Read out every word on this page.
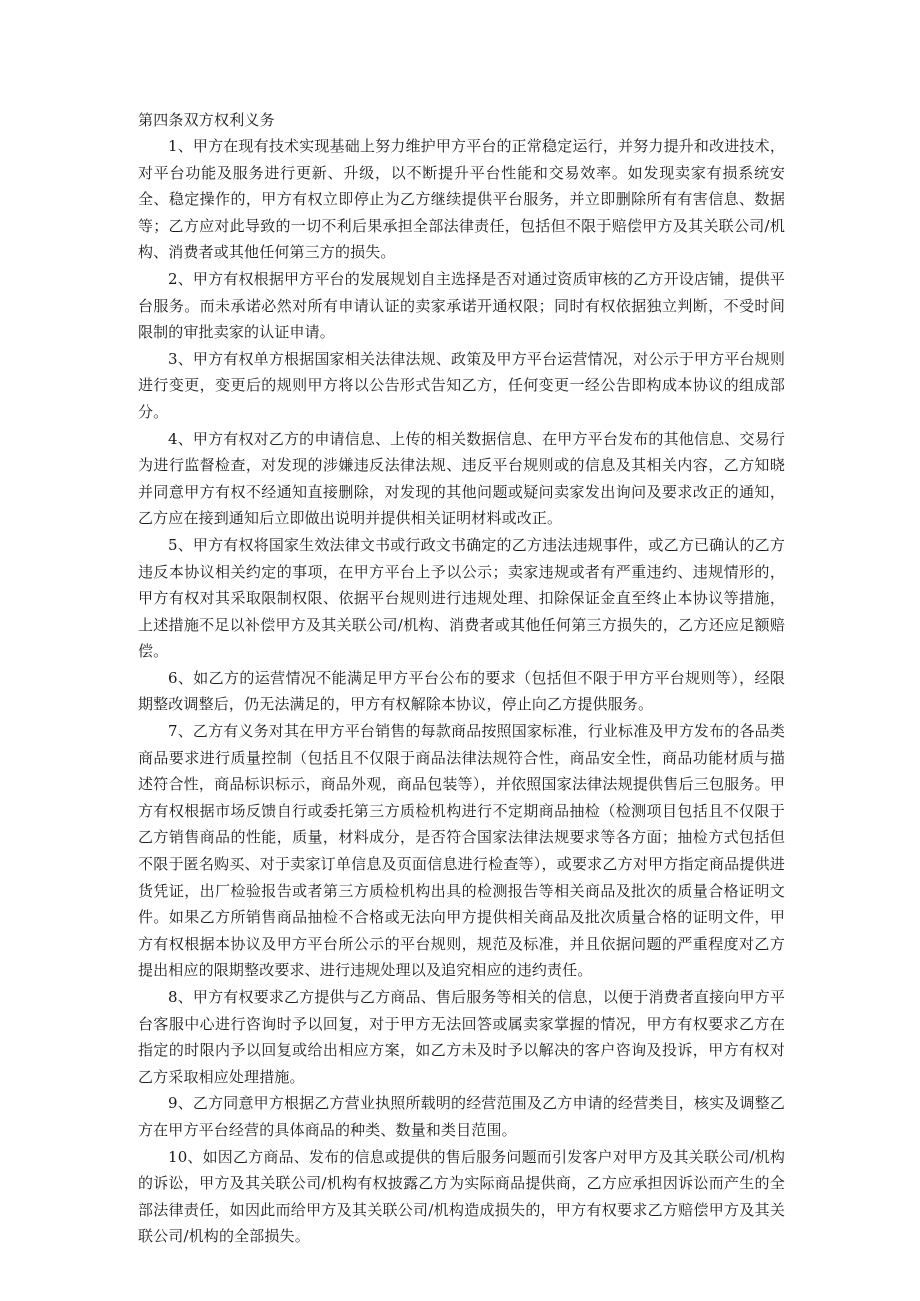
第四条双方权利义务

1、甲方在现有技术实现基础上努力维护甲方平台的正常稳定运行，并努力提升和改进技术，对平台功能及服务进行更新、升级，以不断提升平台性能和交易效率。如发现卖家有损系统安全、稳定操作的，甲方有权立即停止为乙方继续提供平台服务，并立即删除所有有害信息、数据等；乙方应对此导致的一切不利后果承担全部法律责任，包括但不限于赔偿甲方及其关联公司/机构、消费者或其他任何第三方的损失。

2、甲方有权根据甲方平台的发展规划自主选择是否对通过资质审核的乙方开设店铺，提供平台服务。而未承诺必然对所有申请认证的卖家承诺开通权限；同时有权依据独立判断，不受时间限制的审批卖家的认证申请。

3、甲方有权单方根据国家相关法律法规、政策及甲方平台运营情况，对公示于甲方平台规则进行变更，变更后的规则甲方将以公告形式告知乙方，任何变更一经公告即构成本协议的组成部分。

4、甲方有权对乙方的申请信息、上传的相关数据信息、在甲方平台发布的其他信息、交易行为进行监督检查，对发现的涉嫌违反法律法规、违反平台规则或的信息及其相关内容，乙方知晓并同意甲方有权不经通知直接删除，对发现的其他问题或疑问卖家发出询问及要求改正的通知，乙方应在接到通知后立即做出说明并提供相关证明材料或改正。

5、甲方有权将国家生效法律文书或行政文书确定的乙方违法违规事件，或乙方已确认的乙方违反本协议相关约定的事项，在甲方平台上予以公示；卖家违规或者有严重违约、违规情形的，甲方有权对其采取限制权限、依据平台规则进行违规处理、扣除保证金直至终止本协议等措施，上述措施不足以补偿甲方及其关联公司/机构、消费者或其他任何第三方损失的，乙方还应足额赔偿。

6、如乙方的运营情况不能满足甲方平台公布的要求（包括但不限于甲方平台规则等），经限期整改调整后，仍无法满足的，甲方有权解除本协议，停止向乙方提供服务。

7、乙方有义务对其在甲方平台销售的每款商品按照国家标准，行业标准及甲方发布的各品类商品要求进行质量控制（包括且不仅限于商品法律法规符合性，商品安全性，商品功能材质与描述符合性，商品标识标示，商品外观，商品包装等），并依照国家法律法规提供售后三包服务。甲方有权根据市场反馈自行或委托第三方质检机构进行不定期商品抽检（检测项目包括且不仅限于乙方销售商品的性能，质量，材料成分，是否符合国家法律法规要求等各方面；抽检方式包括但不限于匿名购买、对于卖家订单信息及页面信息进行检查等），或要求乙方对甲方指定商品提供进货凭证，出厂检验报告或者第三方质检机构出具的检测报告等相关商品及批次的质量合格证明文件。如果乙方所销售商品抽检不合格或无法向甲方提供相关商品及批次质量合格的证明文件，甲方有权根据本协议及甲方平台所公示的平台规则，规范及标准，并且依据问题的严重程度对乙方提出相应的限期整改要求、进行违规处理以及追究相应的违约责任。

8、甲方有权要求乙方提供与乙方商品、售后服务等相关的信息，以便于消费者直接向甲方平台客服中心进行咨询时予以回复，对于甲方无法回答或属卖家掌握的情况，甲方有权要求乙方在指定的时限内予以回复或给出相应方案，如乙方未及时予以解决的客户咨询及投诉，甲方有权对乙方采取相应处理措施。

9、乙方同意甲方根据乙方营业执照所载明的经营范围及乙方申请的经营类目，核实及调整乙方在甲方平台经营的具体商品的种类、数量和类目范围。

10、如因乙方商品、发布的信息或提供的售后服务问题而引发客户对甲方及其关联公司/机构的诉讼，甲方及其关联公司/机构有权披露乙方为实际商品提供商，乙方应承担因诉讼而产生的全部法律责任，如因此而给甲方及其关联公司/机构造成损失的，甲方有权要求乙方赔偿甲方及其关联公司/机构的全部损失。
